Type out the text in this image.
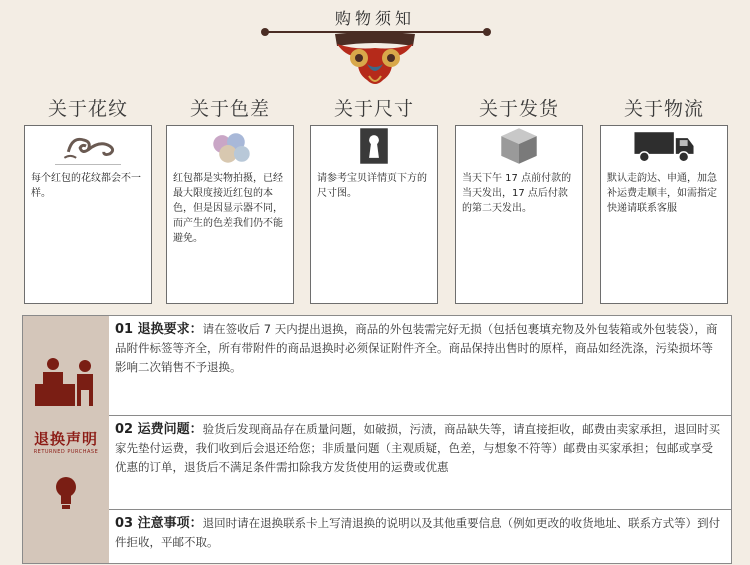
购物须知
关于花纹
每个红包的花纹都会不一样。
关于色差
红包都是实物拍摄，已经最大限度接近红包的本色，但是因显示器不同，而产生的色差我们仍不能避免。
关于尺寸
请参考宝贝详情页下方的尺寸图。
关于发货
当天下午 17 点前付款的当天发出，17 点后付款的第二天发出。
关于物流
默认走韵达、申通，加急补运费走顺丰，如需指定快递请联系客服
退换声明
RETURNED PURCHASE
01 退换要求：请在签收后 7 天内提出退换，商品的外包装需完好无损（包括包裹填充物及外包装箱或外包装袋），商品附件标签等齐全，所有带附件的商品退换时必须保证附件齐全。商品保持出售时的原样，商品如经洗涤，污染损坏等影响二次销售不予退换。
02 运费问题：验货后发现商品存在质量问题，如破损，污渍，商品缺失等，请直接拒收，邮费由卖家承担，退回时买家先垫付运费，我们收到后会退还给您；非质量问题（主观质疑，色差，与想象不符等）邮费由买家承担；包邮或享受优惠的订单，退货后不满足条件需扣除我方发货使用的运费或优惠
03 注意事项：退回时请在退换联系卡上写清退换的说明以及其他重要信息（例如更改的收货地址、联系方式等）到付件拒收，平邮不取。
